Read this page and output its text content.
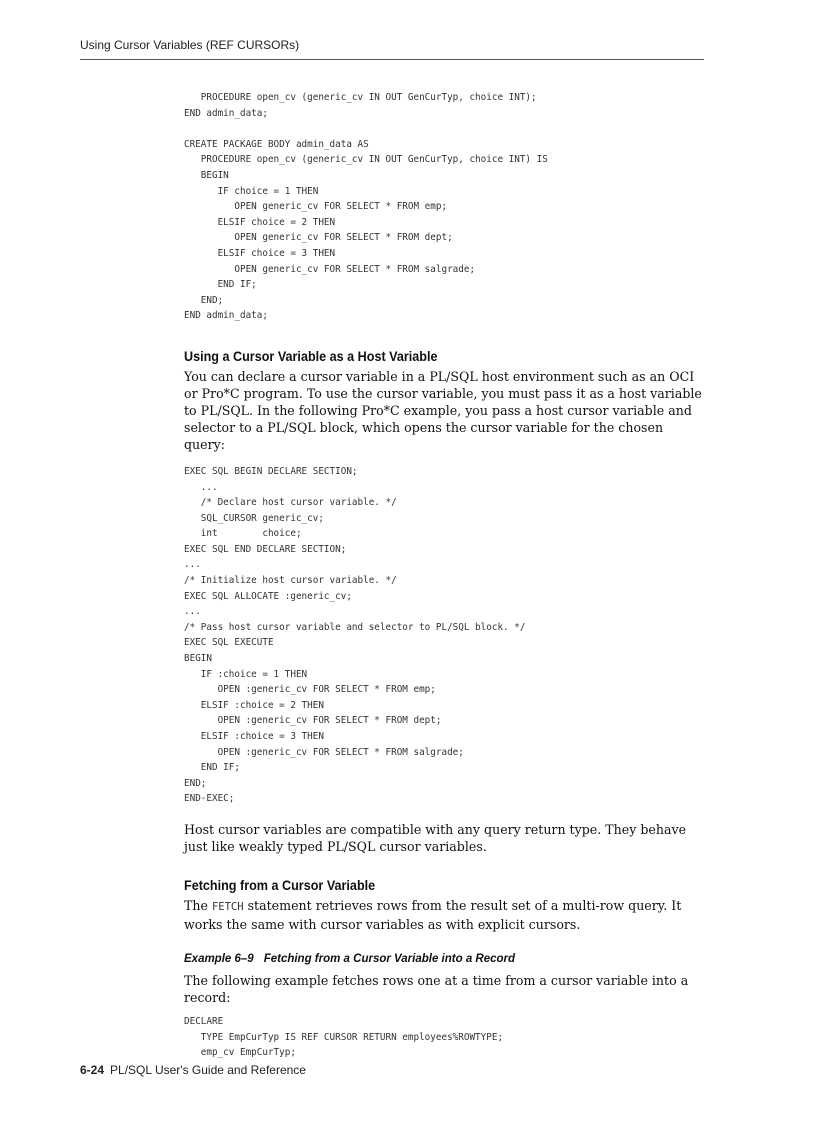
Using Cursor Variables (REF CURSORs)
PROCEDURE open_cv (generic_cv IN OUT GenCurTyp, choice INT);
END admin_data;

CREATE PACKAGE BODY admin_data AS
PROCEDURE open_cv (generic_cv IN OUT GenCurTyp, choice INT) IS
BEGIN
IF choice = 1 THEN
OPEN generic_cv FOR SELECT * FROM emp;
ELSIF choice = 2 THEN
OPEN generic_cv FOR SELECT * FROM dept;
ELSIF choice = 3 THEN
OPEN generic_cv FOR SELECT * FROM salgrade;
END IF;
END;
END admin_data;
Using a Cursor Variable as a Host Variable

You can declare a cursor variable in a PL/SQL host environment such as an OCI or Pro*C program. To use the cursor variable, you must pass it as a host variable to PL/SQL. In the following Pro*C example, you pass a host cursor variable and selector to a PL/SQL block, which opens the cursor variable for the chosen query:

EXEC SQL BEGIN DECLARE SECTION;
...
/* Declare host cursor variable. */
SQL_CURSOR generic_cv;
int        choice;
EXEC SQL END DECLARE SECTION;
...
/* Initialize host cursor variable. */
EXEC SQL ALLOCATE :generic_cv;
...
/* Pass host cursor variable and selector to PL/SQL block. */
EXEC SQL EXECUTE
BEGIN
IF :choice = 1 THEN
OPEN :generic_cv FOR SELECT * FROM emp;
ELSIF :choice = 2 THEN
OPEN :generic_cv FOR SELECT * FROM dept;
ELSIF :choice = 3 THEN
OPEN :generic_cv FOR SELECT * FROM salgrade;
END IF;
END;
END-EXEC;

Host cursor variables are compatible with any query return type. They behave just like weakly typed PL/SQL cursor variables.

Fetching from a Cursor Variable

The FETCH statement retrieves rows from the result set of a multi-row query. It works the same with cursor variables as with explicit cursors.

Example 6–9 Fetching from a Cursor Variable into a Record

The following example fetches rows one at a time from a cursor variable into a record:

DECLARE
TYPE EmpCurTyp IS REF CURSOR RETURN employees%ROWTYPE;
emp_cv EmpCurTyp;
6-24 PL/SQL User's Guide and Reference
